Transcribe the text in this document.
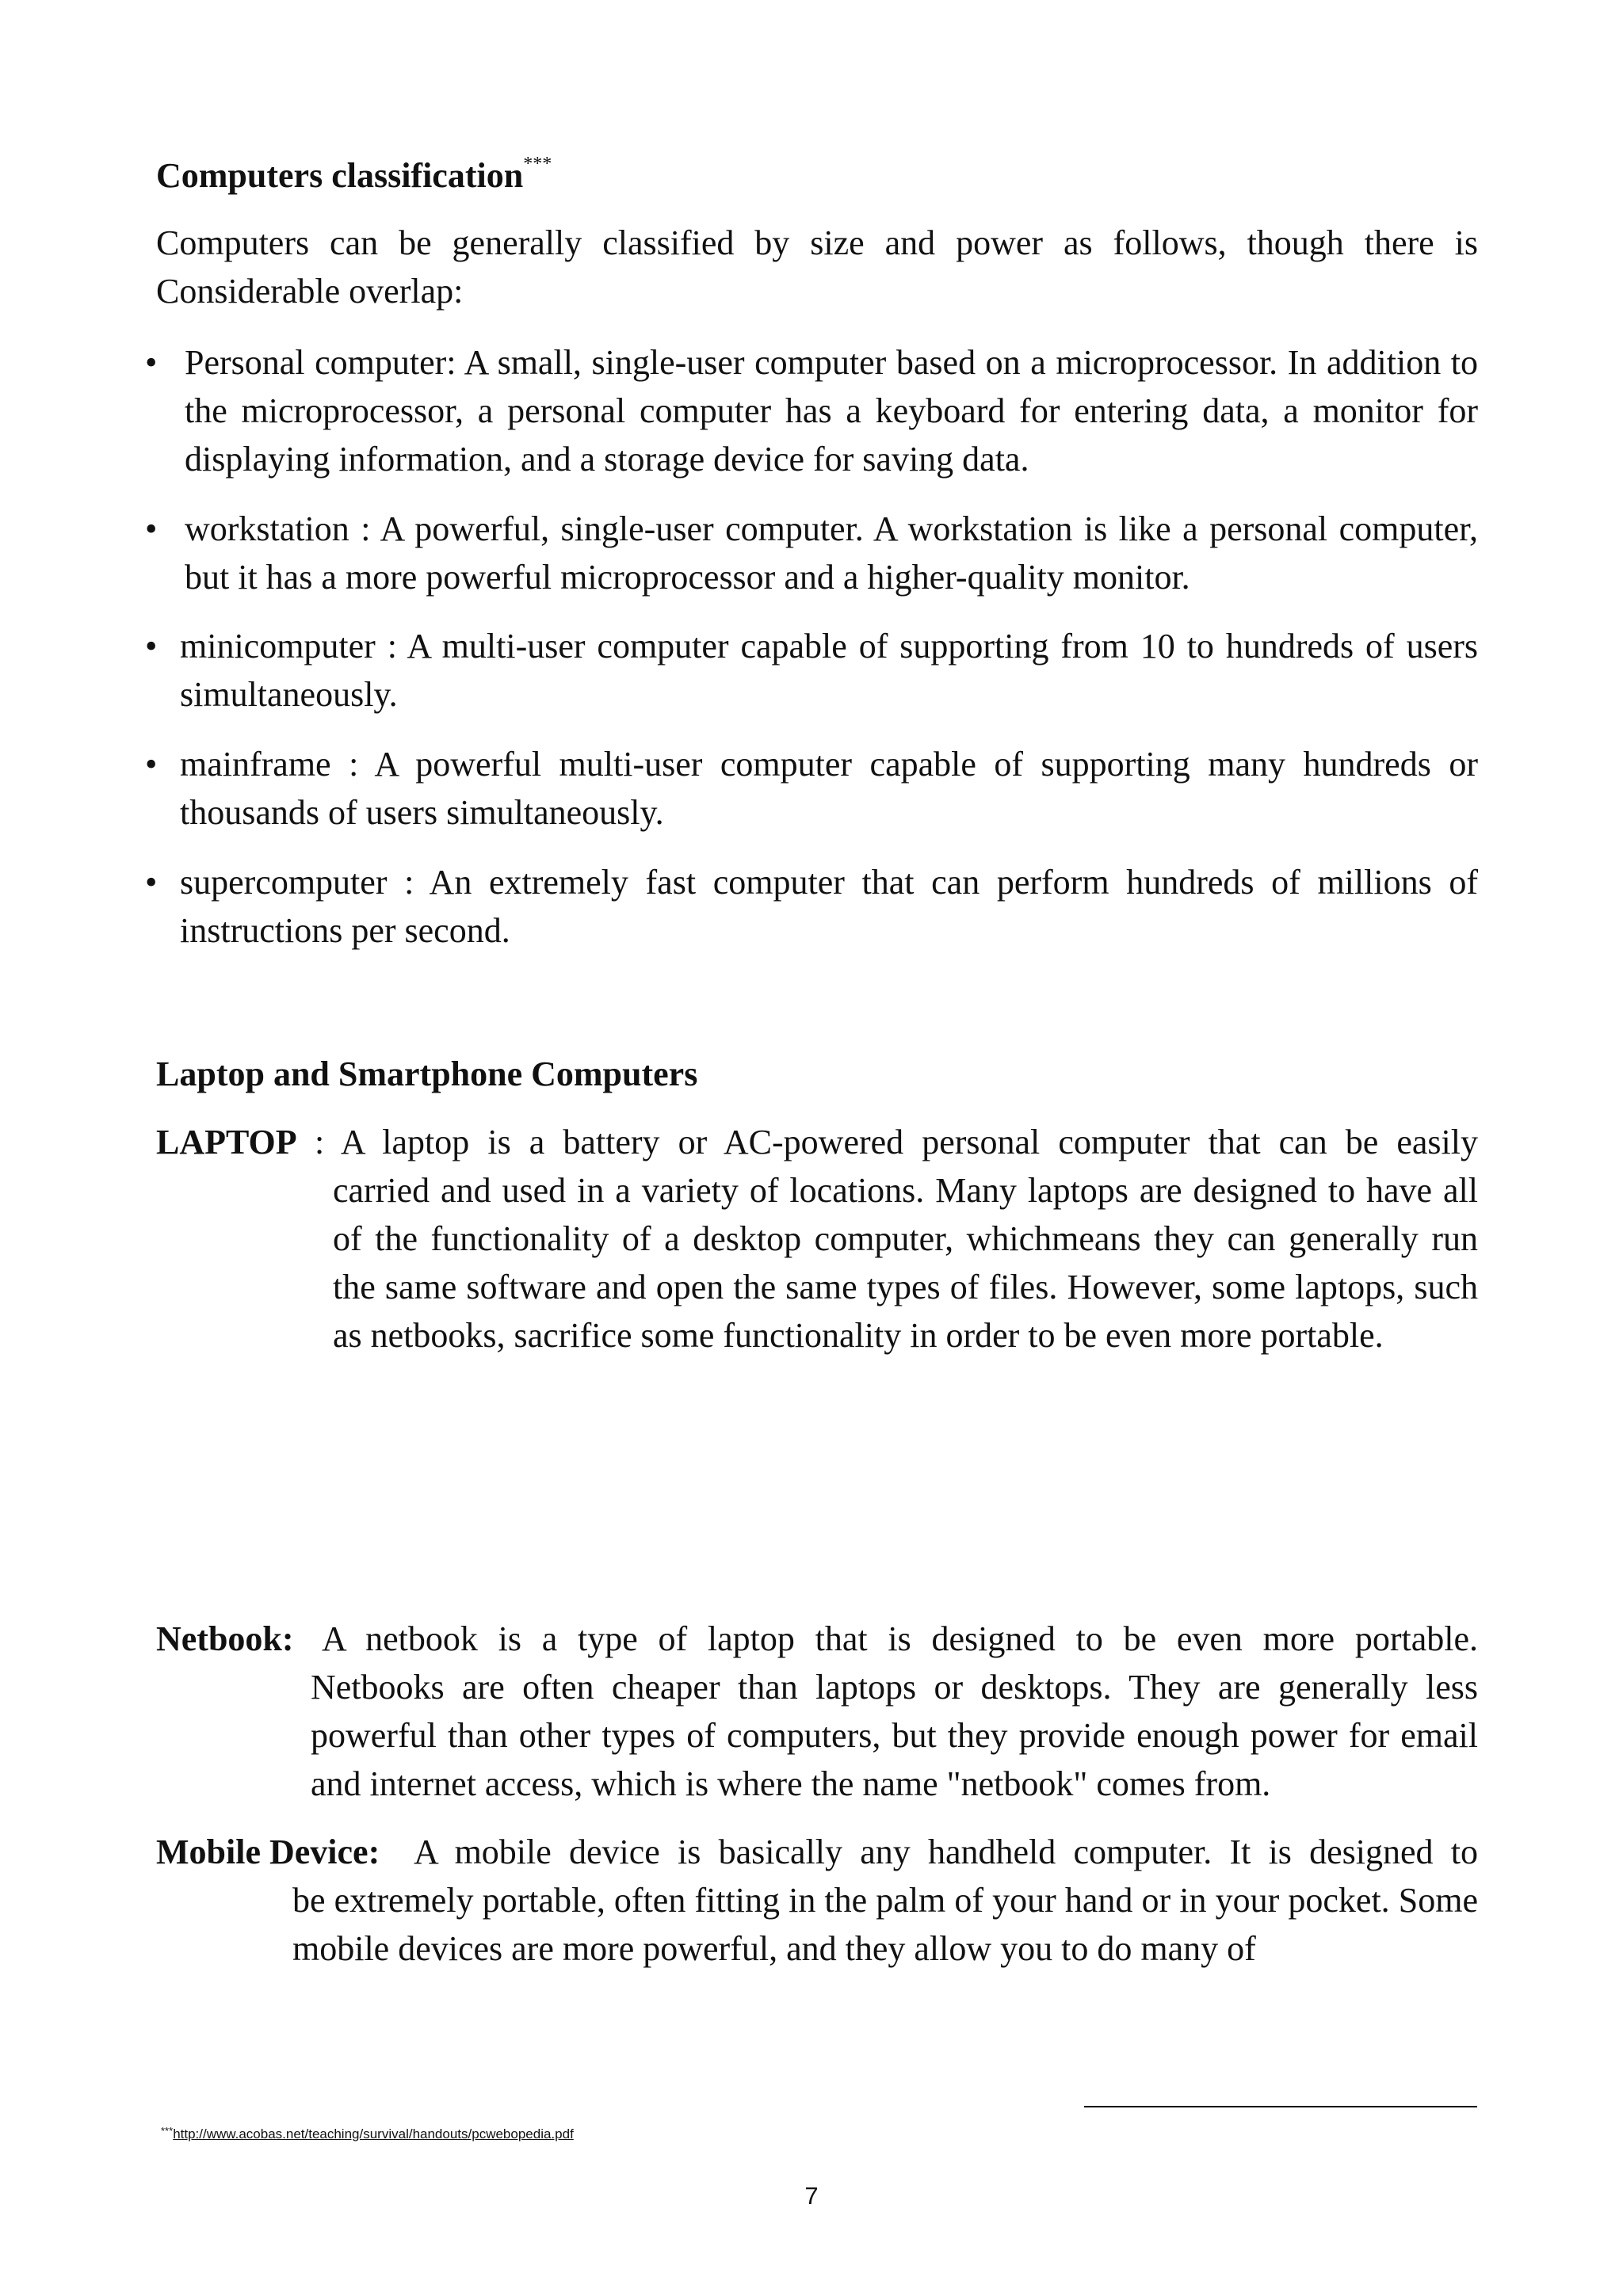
Computers classification***

Computers can be generally classified by size and power as follows, though there is Considerable overlap:

• Personal computer: A small, single-user computer based on a microprocessor. In addition to the microprocessor, a personal computer has a keyboard for entering data, a monitor for displaying information, and a storage device for saving data.

• workstation : A powerful, single-user computer. A workstation is like a personal computer, but it has a more powerful microprocessor and a higher-quality monitor.

• minicomputer : A multi-user computer capable of supporting from 10 to hundreds of users simultaneously.

• mainframe : A powerful multi-user computer capable of supporting many hundreds or thousands of users simultaneously.

• supercomputer : An extremely fast computer that can perform hundreds of millions of instructions per second.

Laptop and Smartphone Computers
LAPTOP : A laptop is a battery or AC-powered personal computer that can be easily

carried and used in a variety of locations. Many laptops are designed to have all of the functionality of a desktop computer, whichmeans they can generally run the same software and open the same types of files. However, some laptops, such as netbooks, sacrifice some functionality in order to be even more portable.

Netbook: A netbook is a type of laptop that is designed to be even more portable.

Netbooks are often cheaper than laptops or desktops. They are generally less powerful than other types of computers, but they provide enough power for email and internet access, which is where the name "netbook" comes from.

Mobile Device: A mobile device is basically any handheld computer. It is designed to

be extremely portable, often fitting in the palm of your hand or in your pocket. Some mobile devices are more powerful, and they allow you to do many of

***http://www.acobas.net/teaching/survival/handouts/pcwebopedia.pdf
7
